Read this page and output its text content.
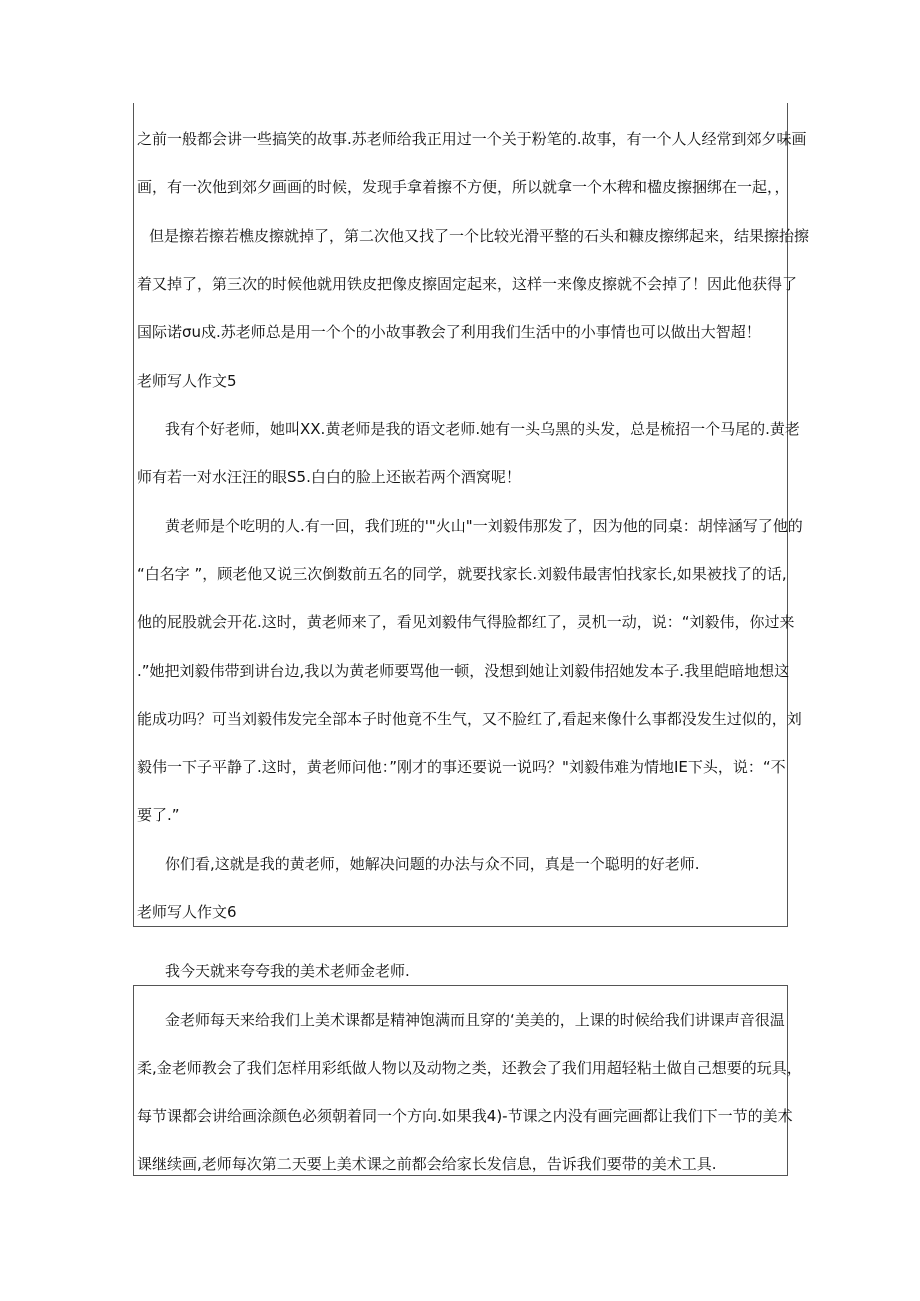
之前一般都会讲一些搞笑的故事.苏老师给我正用过一个关于粉笔的.故事，有一个人人经常到郊夕味画
画，有一次他到郊夕画画的时候，发现手拿着擦不方便，所以就拿一个木稗和楹皮擦捆绑在一起，，
但是擦若擦若樵皮擦就掉了，第二次他又找了一个比较光滑平整的石头和糠皮擦绑起来，结果擦抬擦
着又掉了，第三次的时候他就用铁皮把像皮擦固定起来，这样一来像皮擦就不会掉了！因此他获得了
国际诺σu戍.苏老师总是用一个个的小故事教会了利用我们生活中的小事情也可以做出大智超！
老师写人作文5
我有个好老师，她叫XX.黄老师是我的语文老师.她有一头乌黑的头发，总是梳招一个马尾的.黄老
师有若一对水汪汪的眼S5.白白的脸上还嵌若两个酒窝呢！
黄老师是个吃明的人.有一回，我们班的'"火山"一刘毅伟那发了，因为他的同桌：胡悻涵写了他的
“白名字 ”，顾老他又说三次倒数前五名的同学，就要找家长.刘毅伟最害怕找家长,如果被找了的话,
他的屁股就会开花.这时，黄老师来了，看见刘毅伟气得脸都红了，灵机一动，说：“刘毅伟，你过来
.”她把刘毅伟带到讲台边,我以为黄老师要骂他一顿，没想到她让刘毅伟招她发本子.我里皑暗地想这
能成功吗？可当刘毅伟发完全部本子时他竟不生气，又不脸红了,看起来像什么事都没发生过似的，刘
毅伟一下子平静了.这时，黄老师问他：”刚才的事还要说一说吗？"刘毅伟难为情地IE下头，说：“不
要了.”
你们看,这就是我的黄老师，她解决问题的办法与众不同，真是一个聪明的好老师.
老师写人作文6
我今天就来夸夸我的美术老师金老师.
金老师每天来给我们上美术课都是精神饱满而且穿的‘美美的，上课的时候给我们讲课声音很温
柔,金老师教会了我们怎样用彩纸做人物以及动物之类，还教会了我们用超轻粘土做自己想要的玩具，
每节课都会讲给画涂颜色必须朝着同一个方向.如果我4)-节课之内没有画完画都让我们下一节的美术
课继续画,老师每次第二天要上美术课之前都会给家长发信息，告诉我们要带的美术工具.
